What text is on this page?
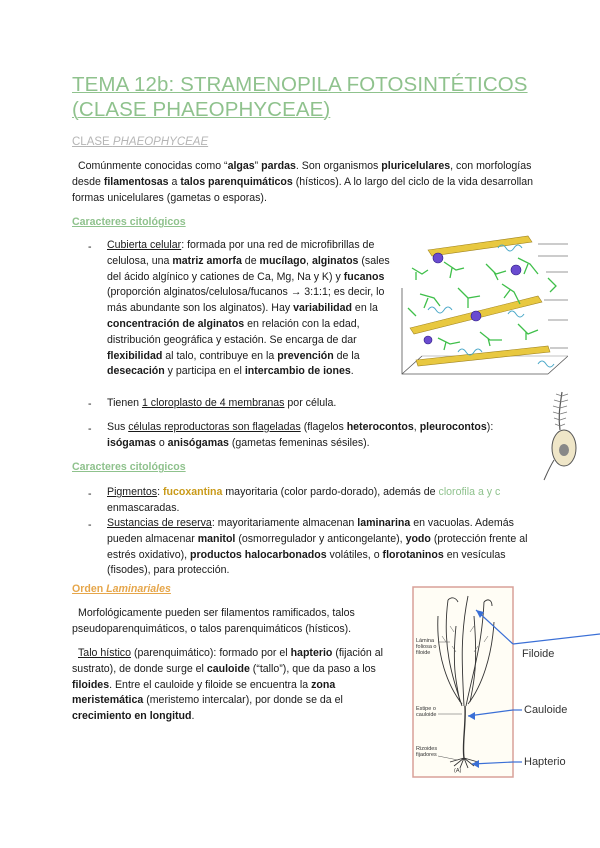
TEMA 12b: STRAMENOPILA FOTOSINTÉTICOS (CLASE PHAEOPHYCEAE)
CLASE PHAEOPHYCEAE
Comúnmente conocidas como “algas” pardas. Son organismos pluricelulares, con morfologías desde filamentosas a talos parenquimáticos (hísticos). A lo largo del ciclo de la vida desarrollan formas unicelulares (gametas o esporas).
Caracteres citológicos
- Cubierta celular: formada por una red de microfibrillas de celulosa, una matriz amorfa de mucílago, alginatos (sales del ácido algínico y cationes de Ca, Mg, Na y K) y fucanos (proporción alginatos/celulosa/fucanos → 3:1:1; es decir, lo más abundante son los alginatos). Hay variabilidad en la concentración de alginatos en relación con la edad, distribución geográfica y estación. Se encarga de dar flexibilidad al talo, contribuye en la prevención de la desecación y participa en el intercambio de iones.
- Tienen 1 cloroplasto de 4 membranas por célula.
- Sus células reproductoras son flageladas (flagelos heterocontos, pleurocontos): isógamas o anisógamas (gametas femeninas sésiles).
Caracteres citológicos
- Pigmentos: fucoxantina mayoritaria (color pardo-dorado), además de clorofila a y c enmascaradas.
- Sustancias de reserva: mayoritariamente almacenan laminarina en vacuolas. Además pueden almacenar manitol (osmorregulador y anticongelante), yodo (protección frente al estrés oxidativo), productos halocarbonados volátiles, o florotaninos en vesículas (fisodes), para protección.
Orden Laminariales
Morfológicamente pueden ser filamentos ramificados, talos pseudoparenquimáticos, o talos parenquimáticos (hísticos).
Talo hístico (parenquimático): formado por el hapterio (fijación al sustrato), de donde surge el cauloide (“tallo”), que da paso a los filoides. Entre el cauloide y filoide se encuentra la zona meristemática (meristemo intercalar), por donde se da el crecimiento en longitud.
Lámina foliosa o filoide
Estipe o cauloide
Rizoides fijadores
(A)
Filoide
Cauloide
Hapterio
